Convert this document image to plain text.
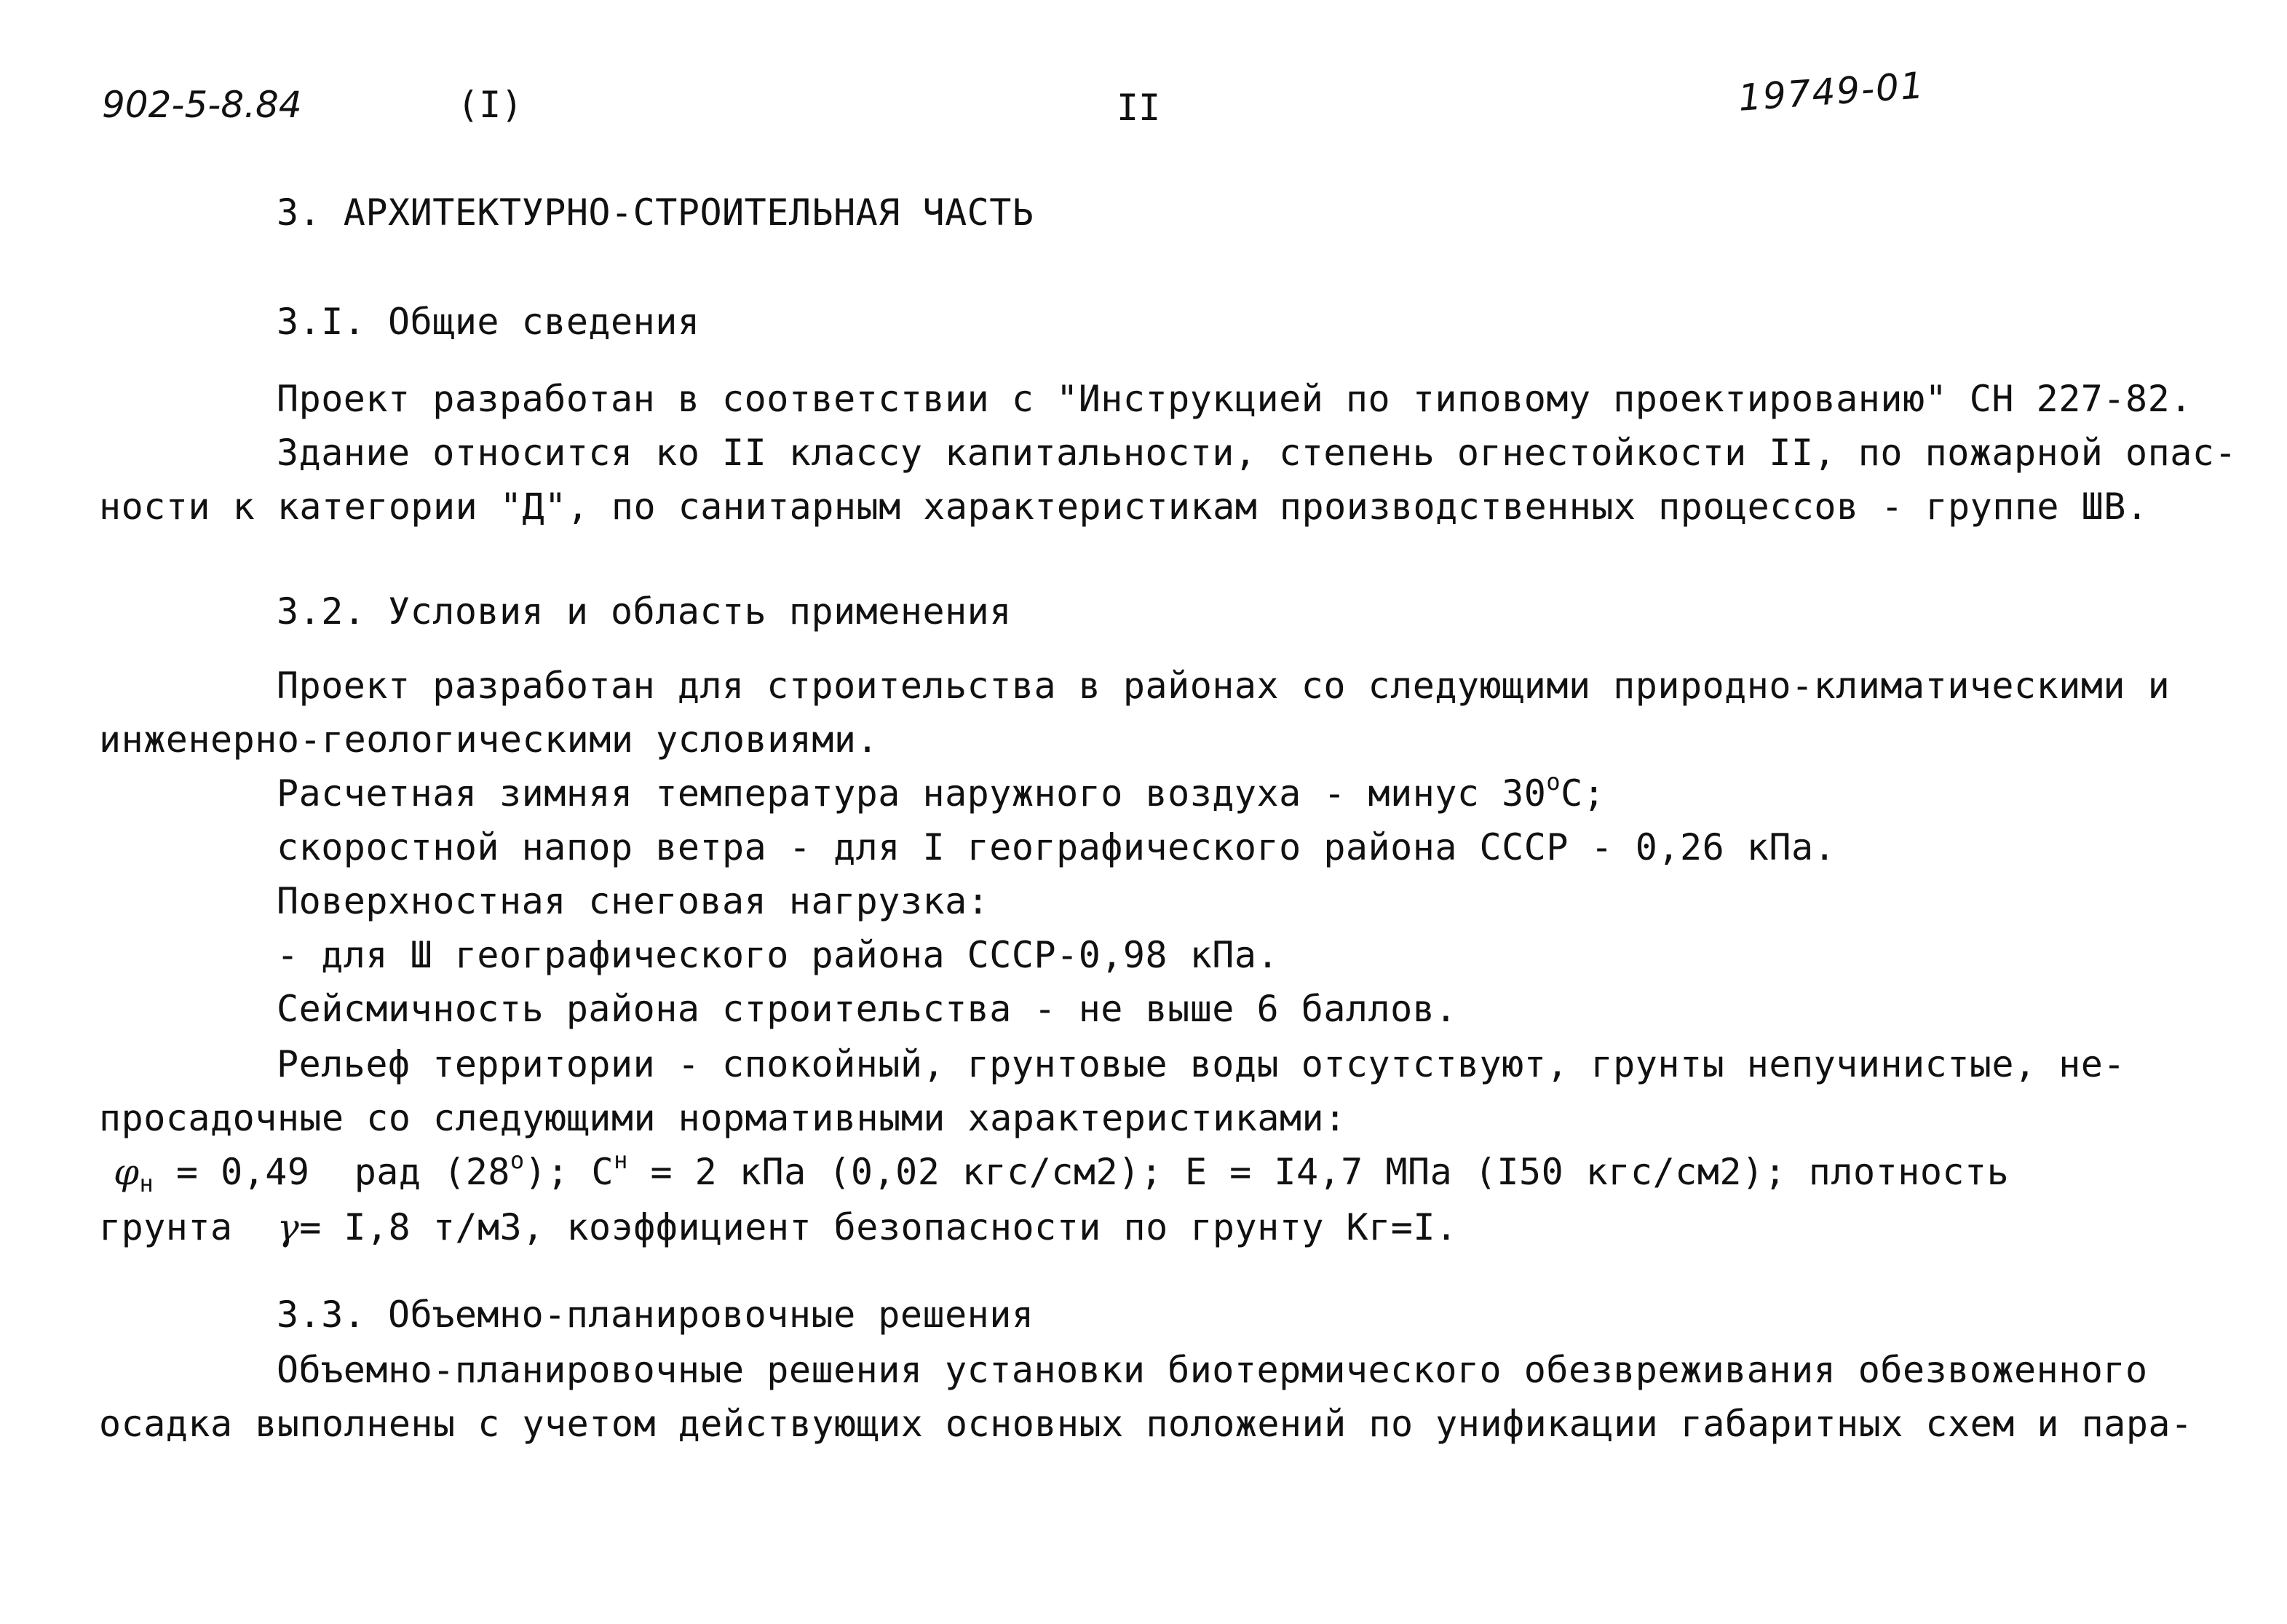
902-5-8.84	(I)	II	19749-01
3. АРХИТЕКТУРНО-СТРОИТЕЛЬНАЯ ЧАСТЬ
3.I. Общие сведения
Проект разработан в соответствии с "Инструкцией по типовому проектированию" СН 227-82.
Здание относится ко II классу капитальности, степень огнестойкости II, по пожарной опас-
ности к категории "Д", по санитарным характеристикам производственных процессов - группе ШВ.
3.2. Условия и область применения
Проект разработан для строительства в районах со следующими природно-климатическими и
инженерно-геологическими условиями.
Расчетная зимняя температура наружного воздуха - минус $30^оС$;
скоростной напор ветра - для I географического района СССР - 0,26 кПа.
Поверхностная снеговая нагрузка:
- для Ш географического района СССР-0,98 кПа.
Сейсмичность района строительства - не выше 6 баллов.
Рельеф территории - спокойный, грунтовые воды отсутствуют, грунты непучинистые, не-
просадочные со следующими нормативными характеристиками:
$\varphi_н = 0,49$  рад $(28^о)$; $С^н = 2$ кПа (0,02 кгс/см2); Е = I4,7 МПа (I50 кгс/см2); плотность
грунта  γ= I,8 т/м3, коэффициент безопасности по грунту Кг=I.
3.3. Объемно-планировочные решения
Объемно-планировочные решения установки биотермического обезвреживания обезвоженного
осадка выполнены с учетом действующих основных положений по унификации габаритных схем и пара-
